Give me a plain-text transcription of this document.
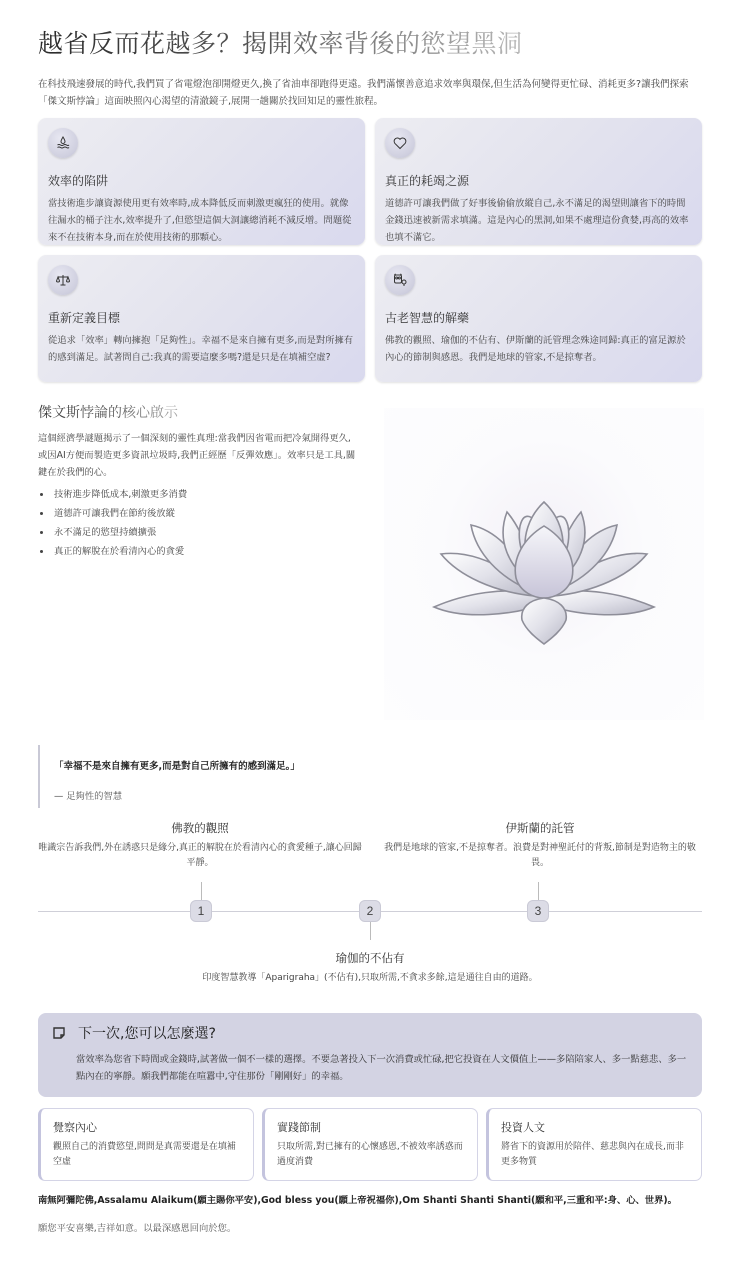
越省反而花越多？揭開效率背後的慾望黑洞

在科技飛速發展的時代,我們買了省電燈泡卻開燈更久,換了省油車卻跑得更遠。我們滿懷善意追求效率與環保,但生活為何變得更忙碌、消耗更多?讓我們探索「傑文斯悖論」這面映照內心渴望的清澈鏡子,展開一趟關於找回知足的靈性旅程。

效率的陷阱

當技術進步讓資源使用更有效率時,成本降低反而刺激更瘋狂的使用。就像往漏水的桶子注水,效率提升了,但慾望這個大洞讓總消耗不減反增。問題從來不在技術本身,而在於使用技術的那顆心。

真正的耗竭之源

道德許可讓我們做了好事後偷偷放縱自己,永不滿足的渴望則讓省下的時間金錢迅速被新需求填滿。這是內心的黑洞,如果不處理這份貪婪,再高的效率也填不滿它。

重新定義目標

從追求「效率」轉向擁抱「足夠性」。幸福不是來自擁有更多,而是對所擁有的感到滿足。試著問自己:我真的需要這麼多嗎?還是只是在填補空虛?

古老智慧的解藥

佛教的觀照、瑜伽的不佔有、伊斯蘭的託管理念殊途同歸:真正的富足源於內心的節制與感恩。我們是地球的管家,不是掠奪者。

傑文斯悖論的核心啟示

這個經濟學謎題揭示了一個深刻的靈性真理:當我們因省電而把冷氣開得更久,或因AI方便而製造更多資訊垃圾時,我們正經歷「反彈效應」。效率只是工具,關鍵在於我們的心。

技術進步降低成本,刺激更多消費
道德許可讓我們在節約後放縱
永不滿足的慾望持續擴張
真正的解脫在於看清內心的貪愛

「幸福不是來自擁有更多,而是對自己所擁有的感到滿足。」

— 足夠性的智慧

佛教的觀照

唯識宗告訴我們,外在誘惑只是緣分,真正的解脫在於看清內心的貪愛種子,讓心回歸平靜。

伊斯蘭的託管

我們是地球的管家,不是掠奪者。浪費是對神聖託付的背叛,節制是對造物主的敬畏。

1	2	3
瑜伽的不佔有

印度智慧教導「Aparigraha」(不佔有),只取所需,不貪求多餘,這是通往自由的道路。

下一次,您可以怎麼選?

當效率為您省下時間或金錢時,試著做一個不一樣的選擇。不要急著投入下一次消費或忙碌,把它投資在人文價值上——多陪陪家人、多一點慈悲、多一點內在的寧靜。願我們都能在喧囂中,守住那份「剛剛好」的幸福。

覺察內心

觀照自己的消費慾望,問問是真需要還是在填補空虛

實踐節制

只取所需,對已擁有的心懷感恩,不被效率誘惑而過度消費

投資人文

將省下的資源用於陪伴、慈悲與內在成長,而非更多物質

南無阿彌陀佛,Assalamu Alaikum(願主賜你平安),God bless you(願上帝祝福你),Om Shanti Shanti Shanti(願和平,三重和平:身、心、世界)。

願您平安喜樂,吉祥如意。以最深感恩回向於您。
